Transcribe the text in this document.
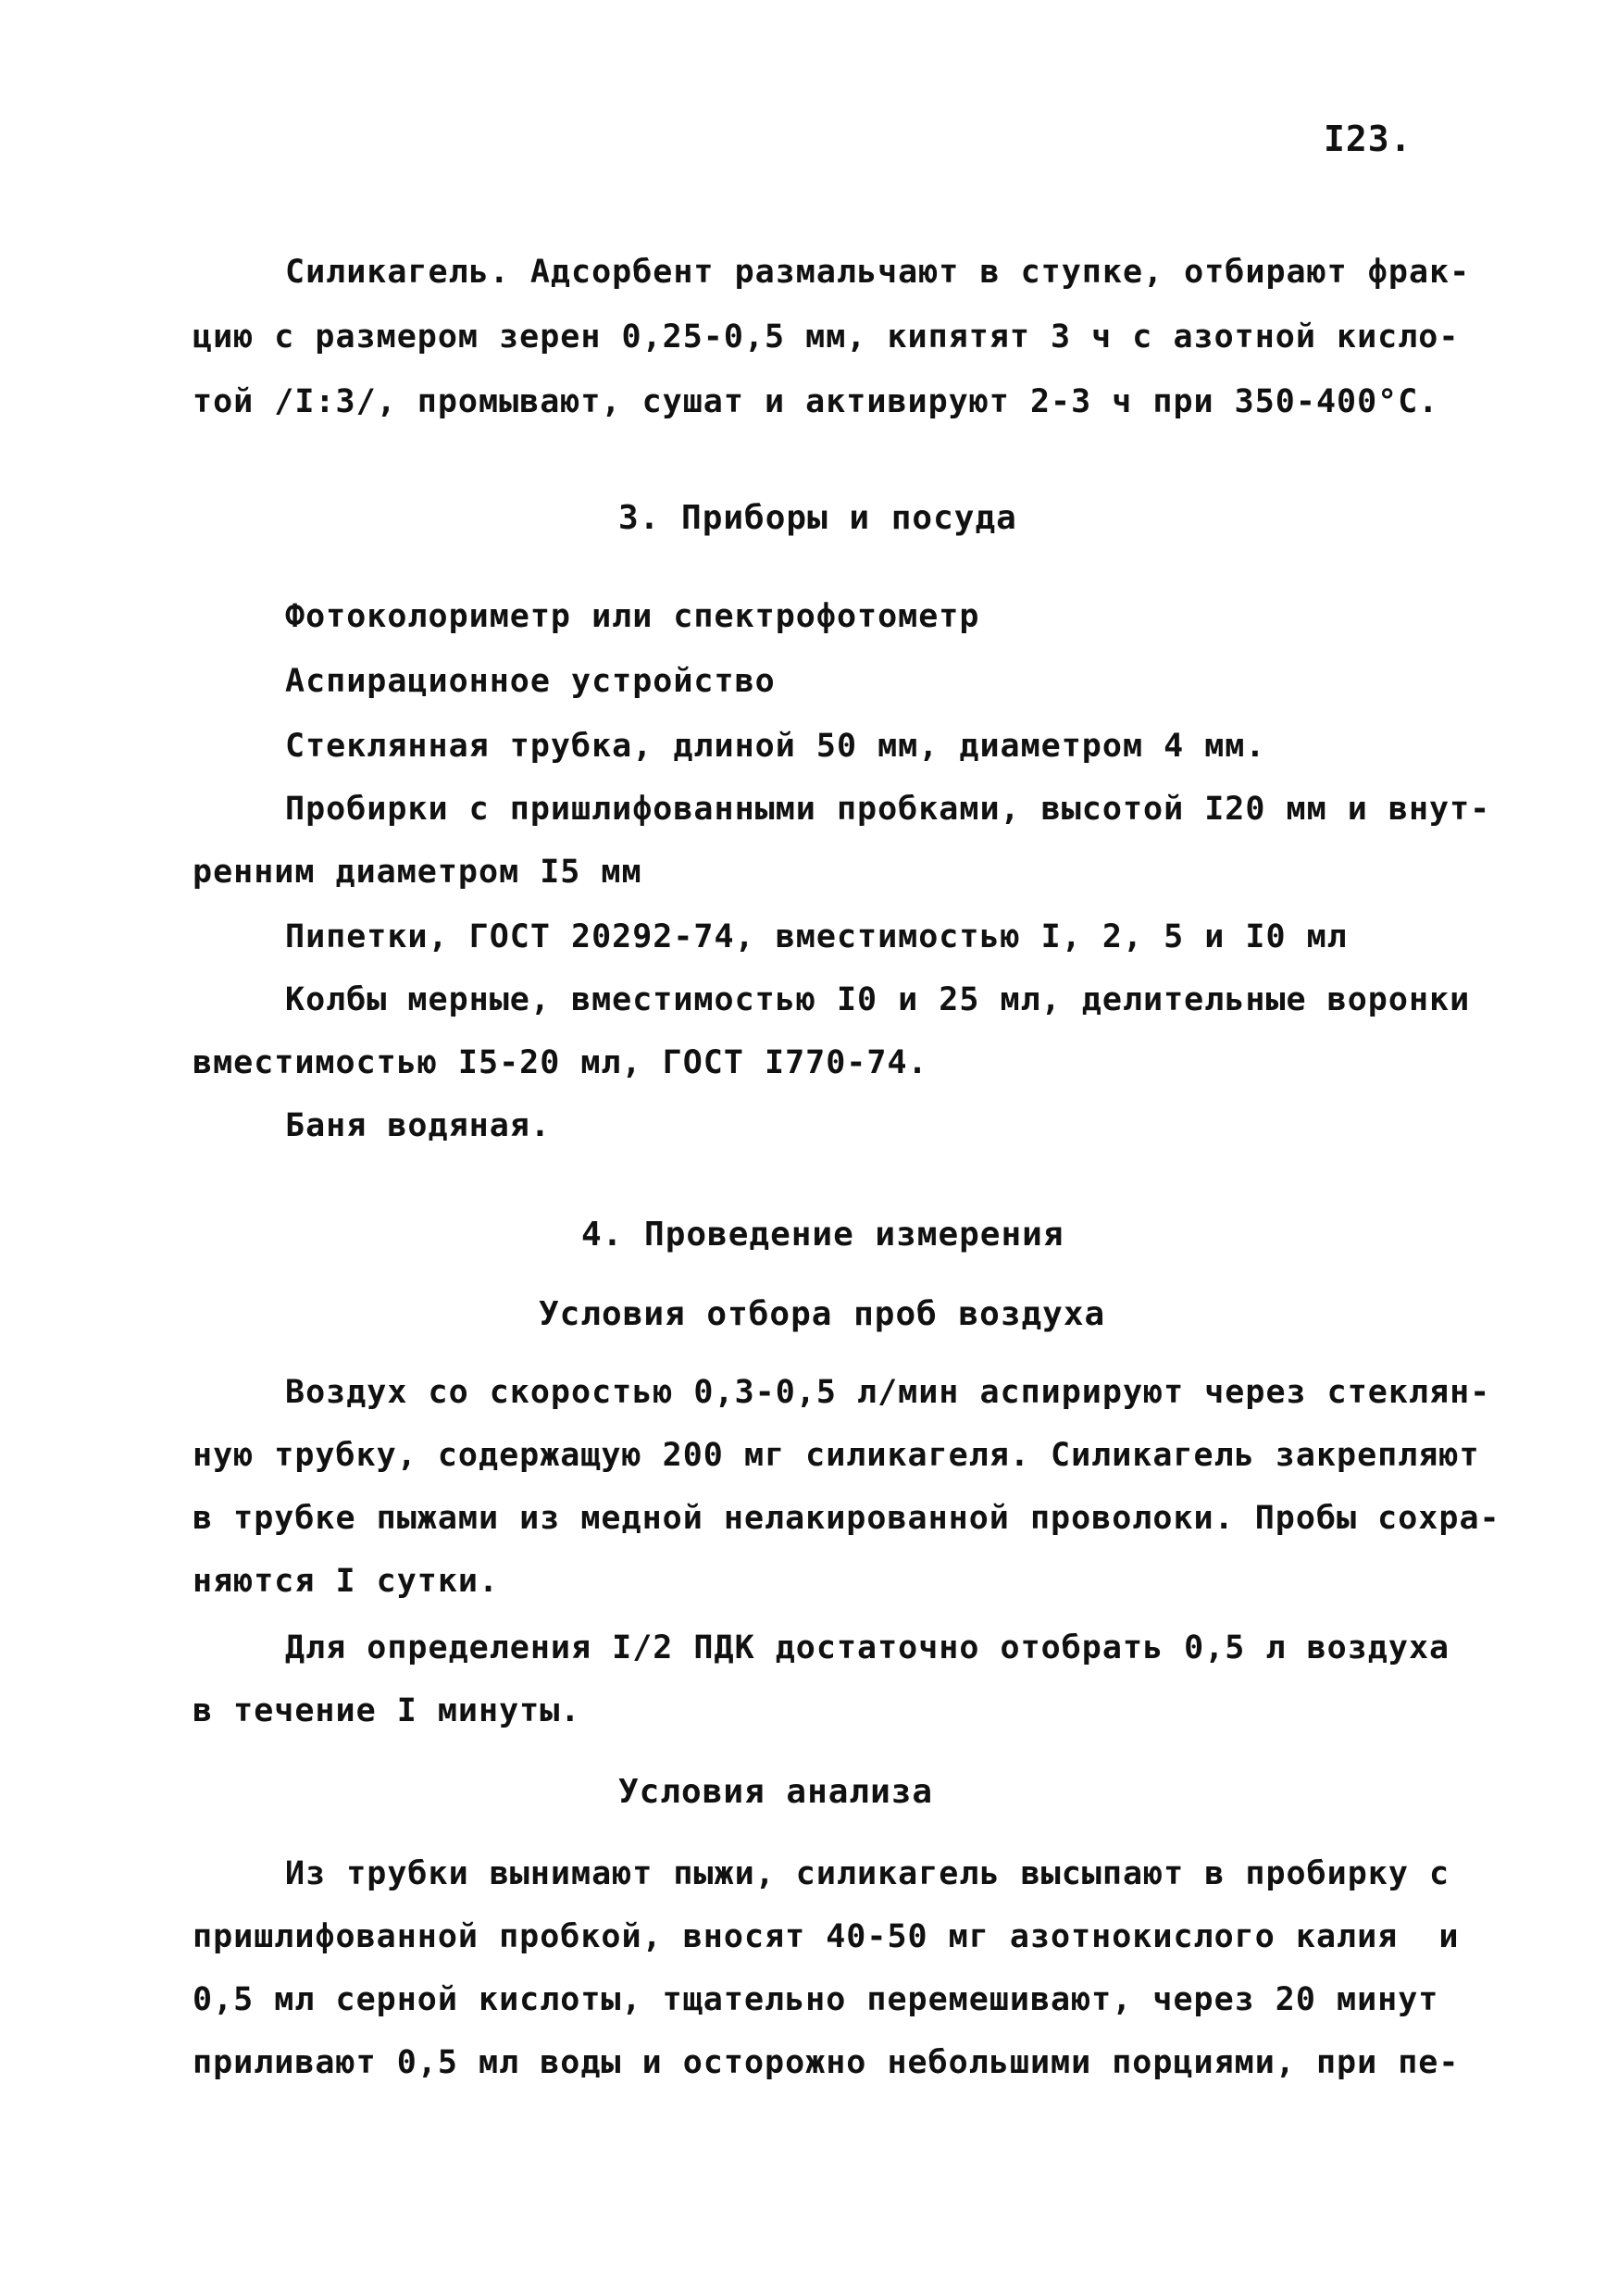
I23.
Силикагель. Адсорбент размальчают в ступке, отбирают фрак-
цию с размером зерен 0,25-0,5 мм, кипятят 3 ч с азотной кисло-
той /I:3/, промывают, сушат и активируют 2-3 ч при 350-400°С.
3. Приборы и посуда
Фотоколориметр или спектрофотометр
Аспирационное устройство
Стеклянная трубка, длиной 50 мм, диаметром 4 мм.
Пробирки с пришлифованными пробками, высотой I20 мм и внут-
ренним диаметром I5 мм
Пипетки, ГОСТ 20292-74, вместимостью I, 2, 5 и I0 мл
Колбы мерные, вместимостью I0 и 25 мл, делительные воронки
вместимостью I5-20 мл, ГОСТ I770-74.
Баня водяная.
4. Проведение измерения
Условия отбора проб воздуха
Воздух со скоростью 0,3-0,5 л/мин аспирируют через стеклян-
ную трубку, содержащую 200 мг силикагеля. Силикагель закрепляют
в трубке пыжами из медной нелакированной проволоки. Пробы сохра-
няются I сутки.
Для определения I/2 ПДК достаточно отобрать 0,5 л воздуха
в течение I минуты.
Условия анализа
Из трубки вынимают пыжи, силикагель высыпают в пробирку с
пришлифованной пробкой, вносят 40-50 мг азотнокислого калия  и
0,5 мл серной кислоты, тщательно перемешивают, через 20 минут
приливают 0,5 мл воды и осторожно небольшими порциями, при пе-
